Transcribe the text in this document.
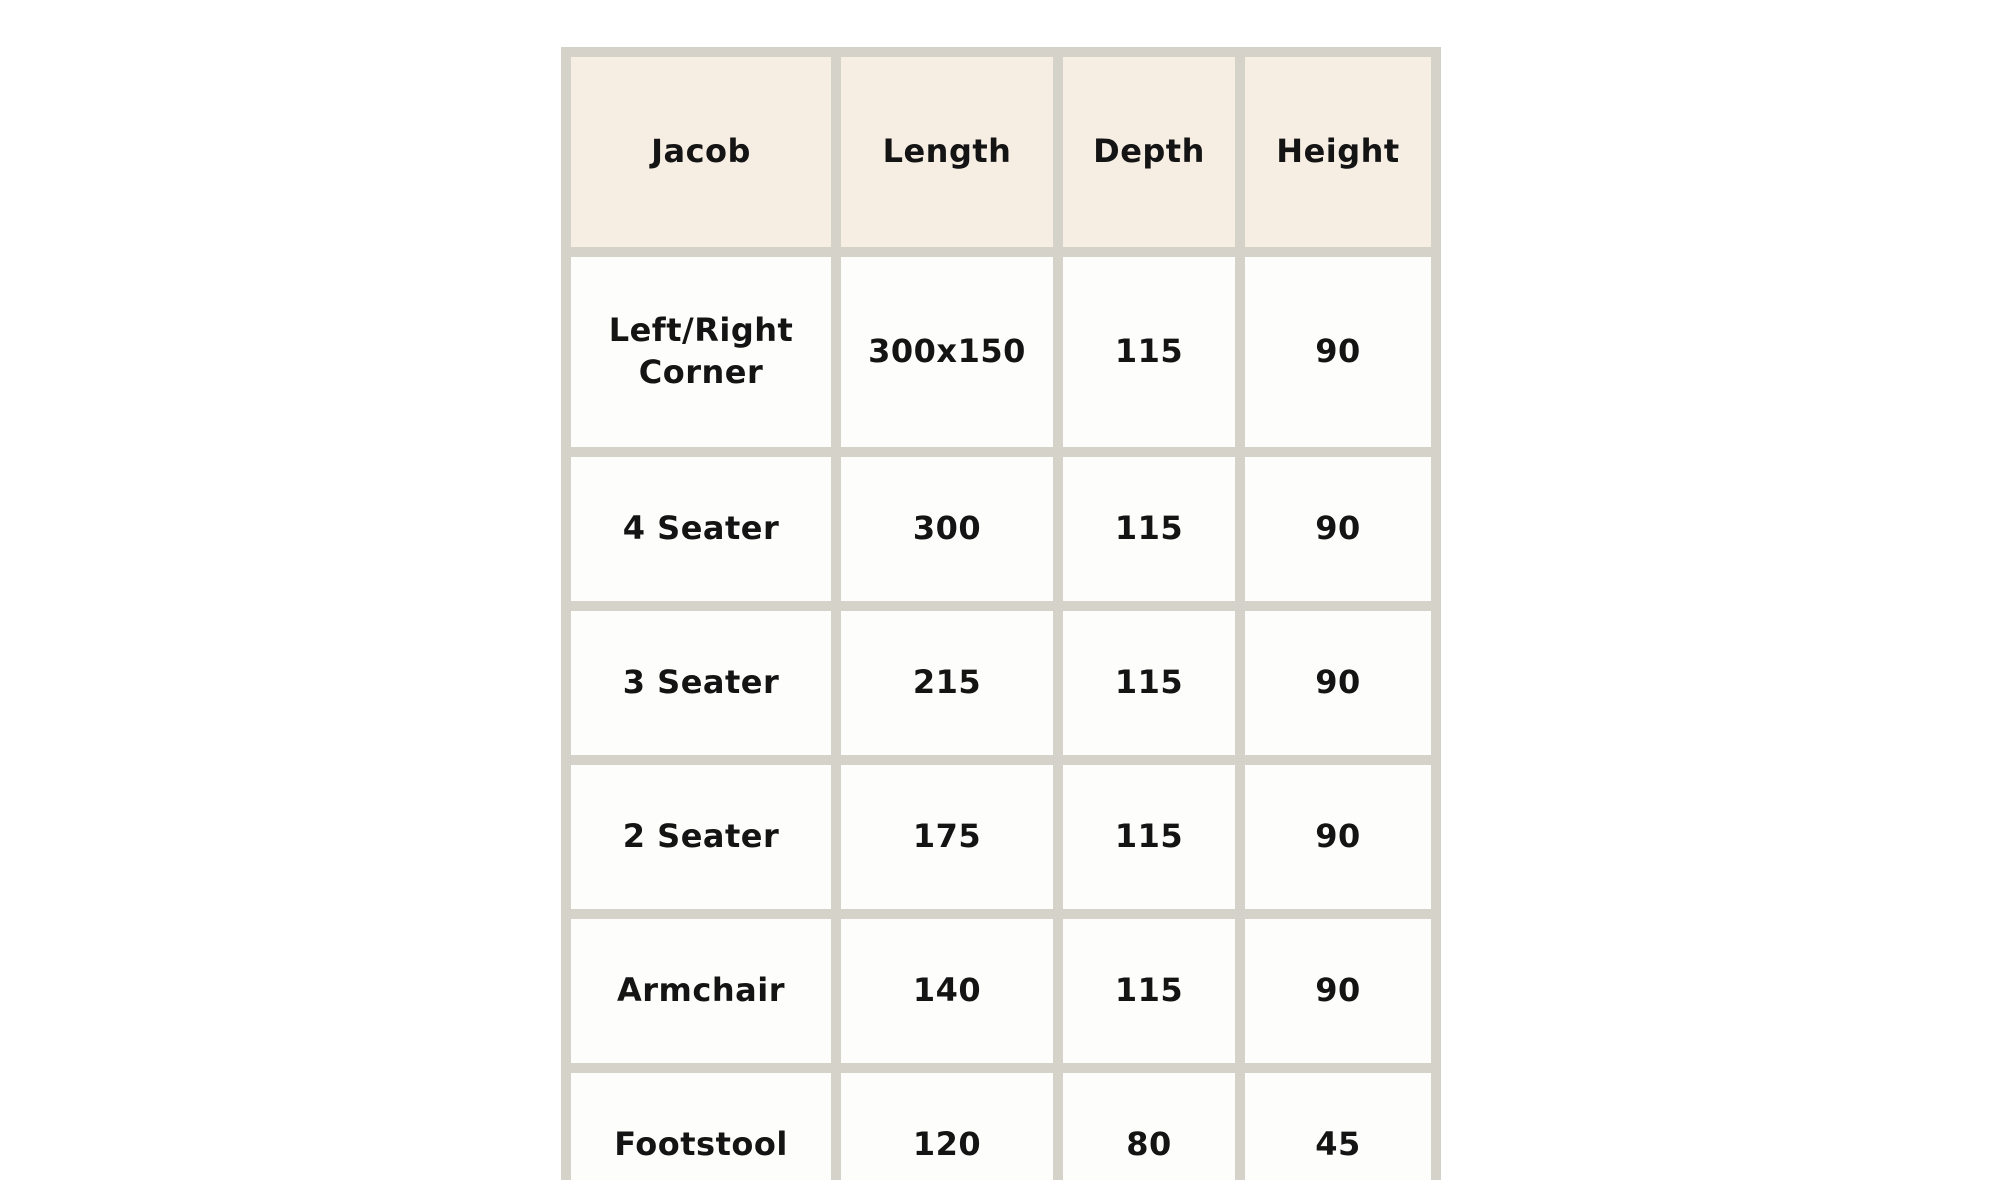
Jacob	Length	Depth	Height
Left/Right Corner	300x150	115	90
4 Seater	300	115	90
3 Seater	215	115	90
2 Seater	175	115	90
Armchair	140	115	90
Footstool	120	80	45
